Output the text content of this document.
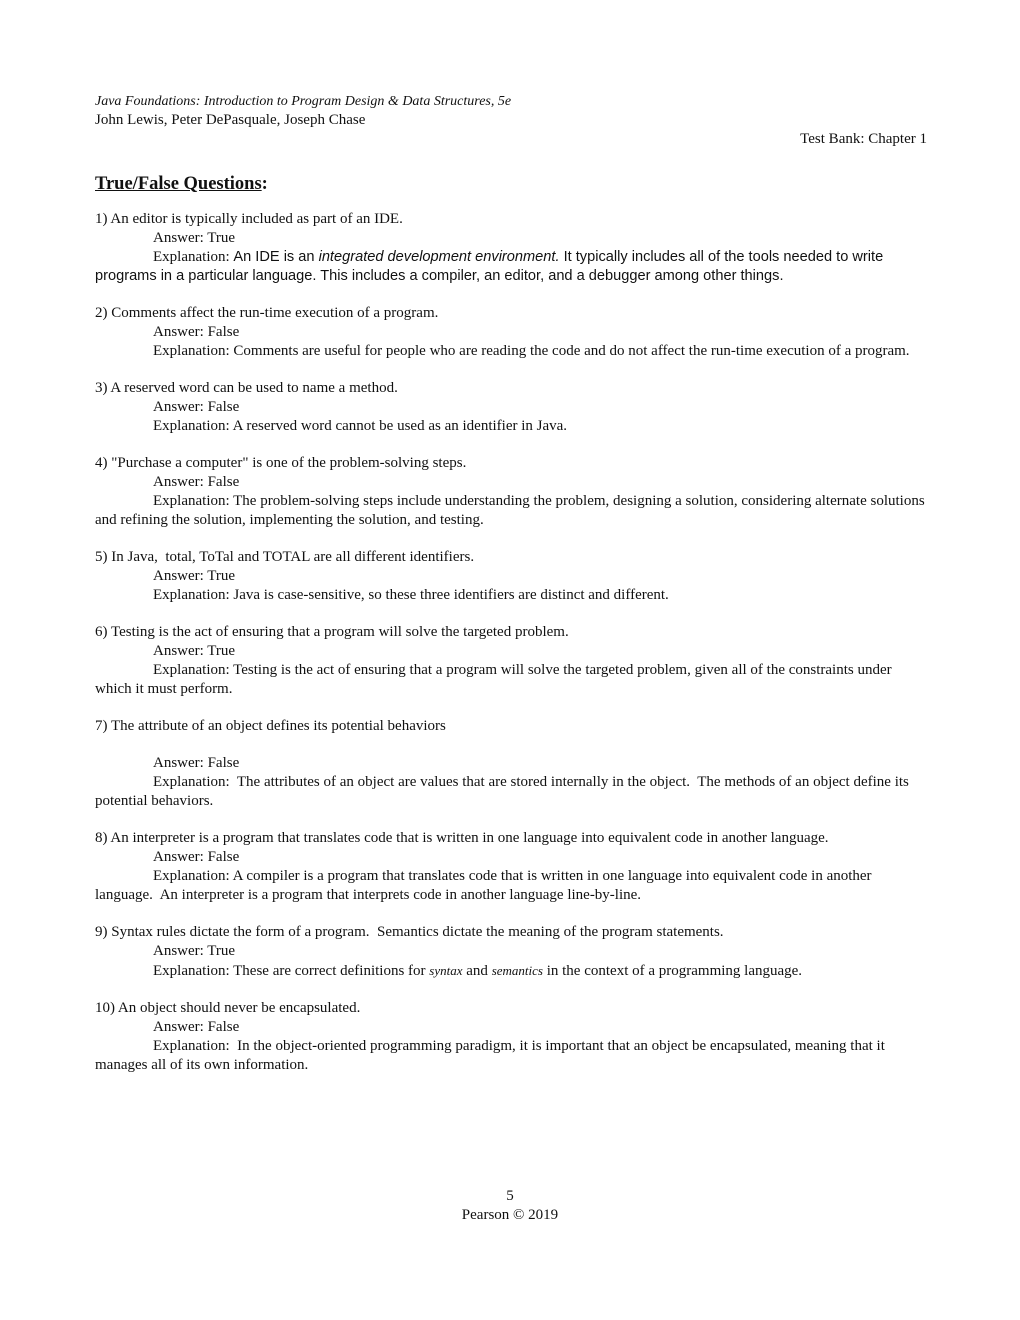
Java Foundations: Introduction to Program Design & Data Structures, 5e

John Lewis, Peter DePasquale, Joseph Chase

Test Bank: Chapter 1

True/False Questions:

1) An editor is typically included as part of an IDE.

Answer: True

Explanation: An IDE is an integrated development environment. It typically includes all of the tools needed to write programs in a particular language. This includes a compiler, an editor, and a debugger among other things.

2) Comments affect the run-time execution of a program.

Answer: False

Explanation: Comments are useful for people who are reading the code and do not affect the run-time execution of a program.

3) A reserved word can be used to name a method.

Answer: False

Explanation: A reserved word cannot be used as an identifier in Java.

4) "Purchase a computer" is one of the problem-solving steps.

Answer: False

Explanation: The problem-solving steps include understanding the problem, designing a solution, considering alternate solutions and refining the solution, implementing the solution, and testing.

5) In Java,  total, ToTal and TOTAL are all different identifiers.

Answer: True

Explanation: Java is case-sensitive, so these three identifiers are distinct and different.

6) Testing is the act of ensuring that a program will solve the targeted problem.

Answer: True

Explanation: Testing is the act of ensuring that a program will solve the targeted problem, given all of the constraints under which it must perform.

7) The attribute of an object defines its potential behaviors

Answer: False

Explanation:  The attributes of an object are values that are stored internally in the object.  The methods of an object define its potential behaviors.

8) An interpreter is a program that translates code that is written in one language into equivalent code in another language.

Answer: False

Explanation: A compiler is a program that translates code that is written in one language into equivalent code in another language.  An interpreter is a program that interprets code in another language line-by-line.

9) Syntax rules dictate the form of a program.  Semantics dictate the meaning of the program statements.

Answer: True

Explanation: These are correct definitions for syntax and semantics in the context of a programming language.

10) An object should never be encapsulated.

Answer: False

Explanation:  In the object-oriented programming paradigm, it is important that an object be encapsulated, meaning that it manages all of its own information.

5

Pearson © 2019
